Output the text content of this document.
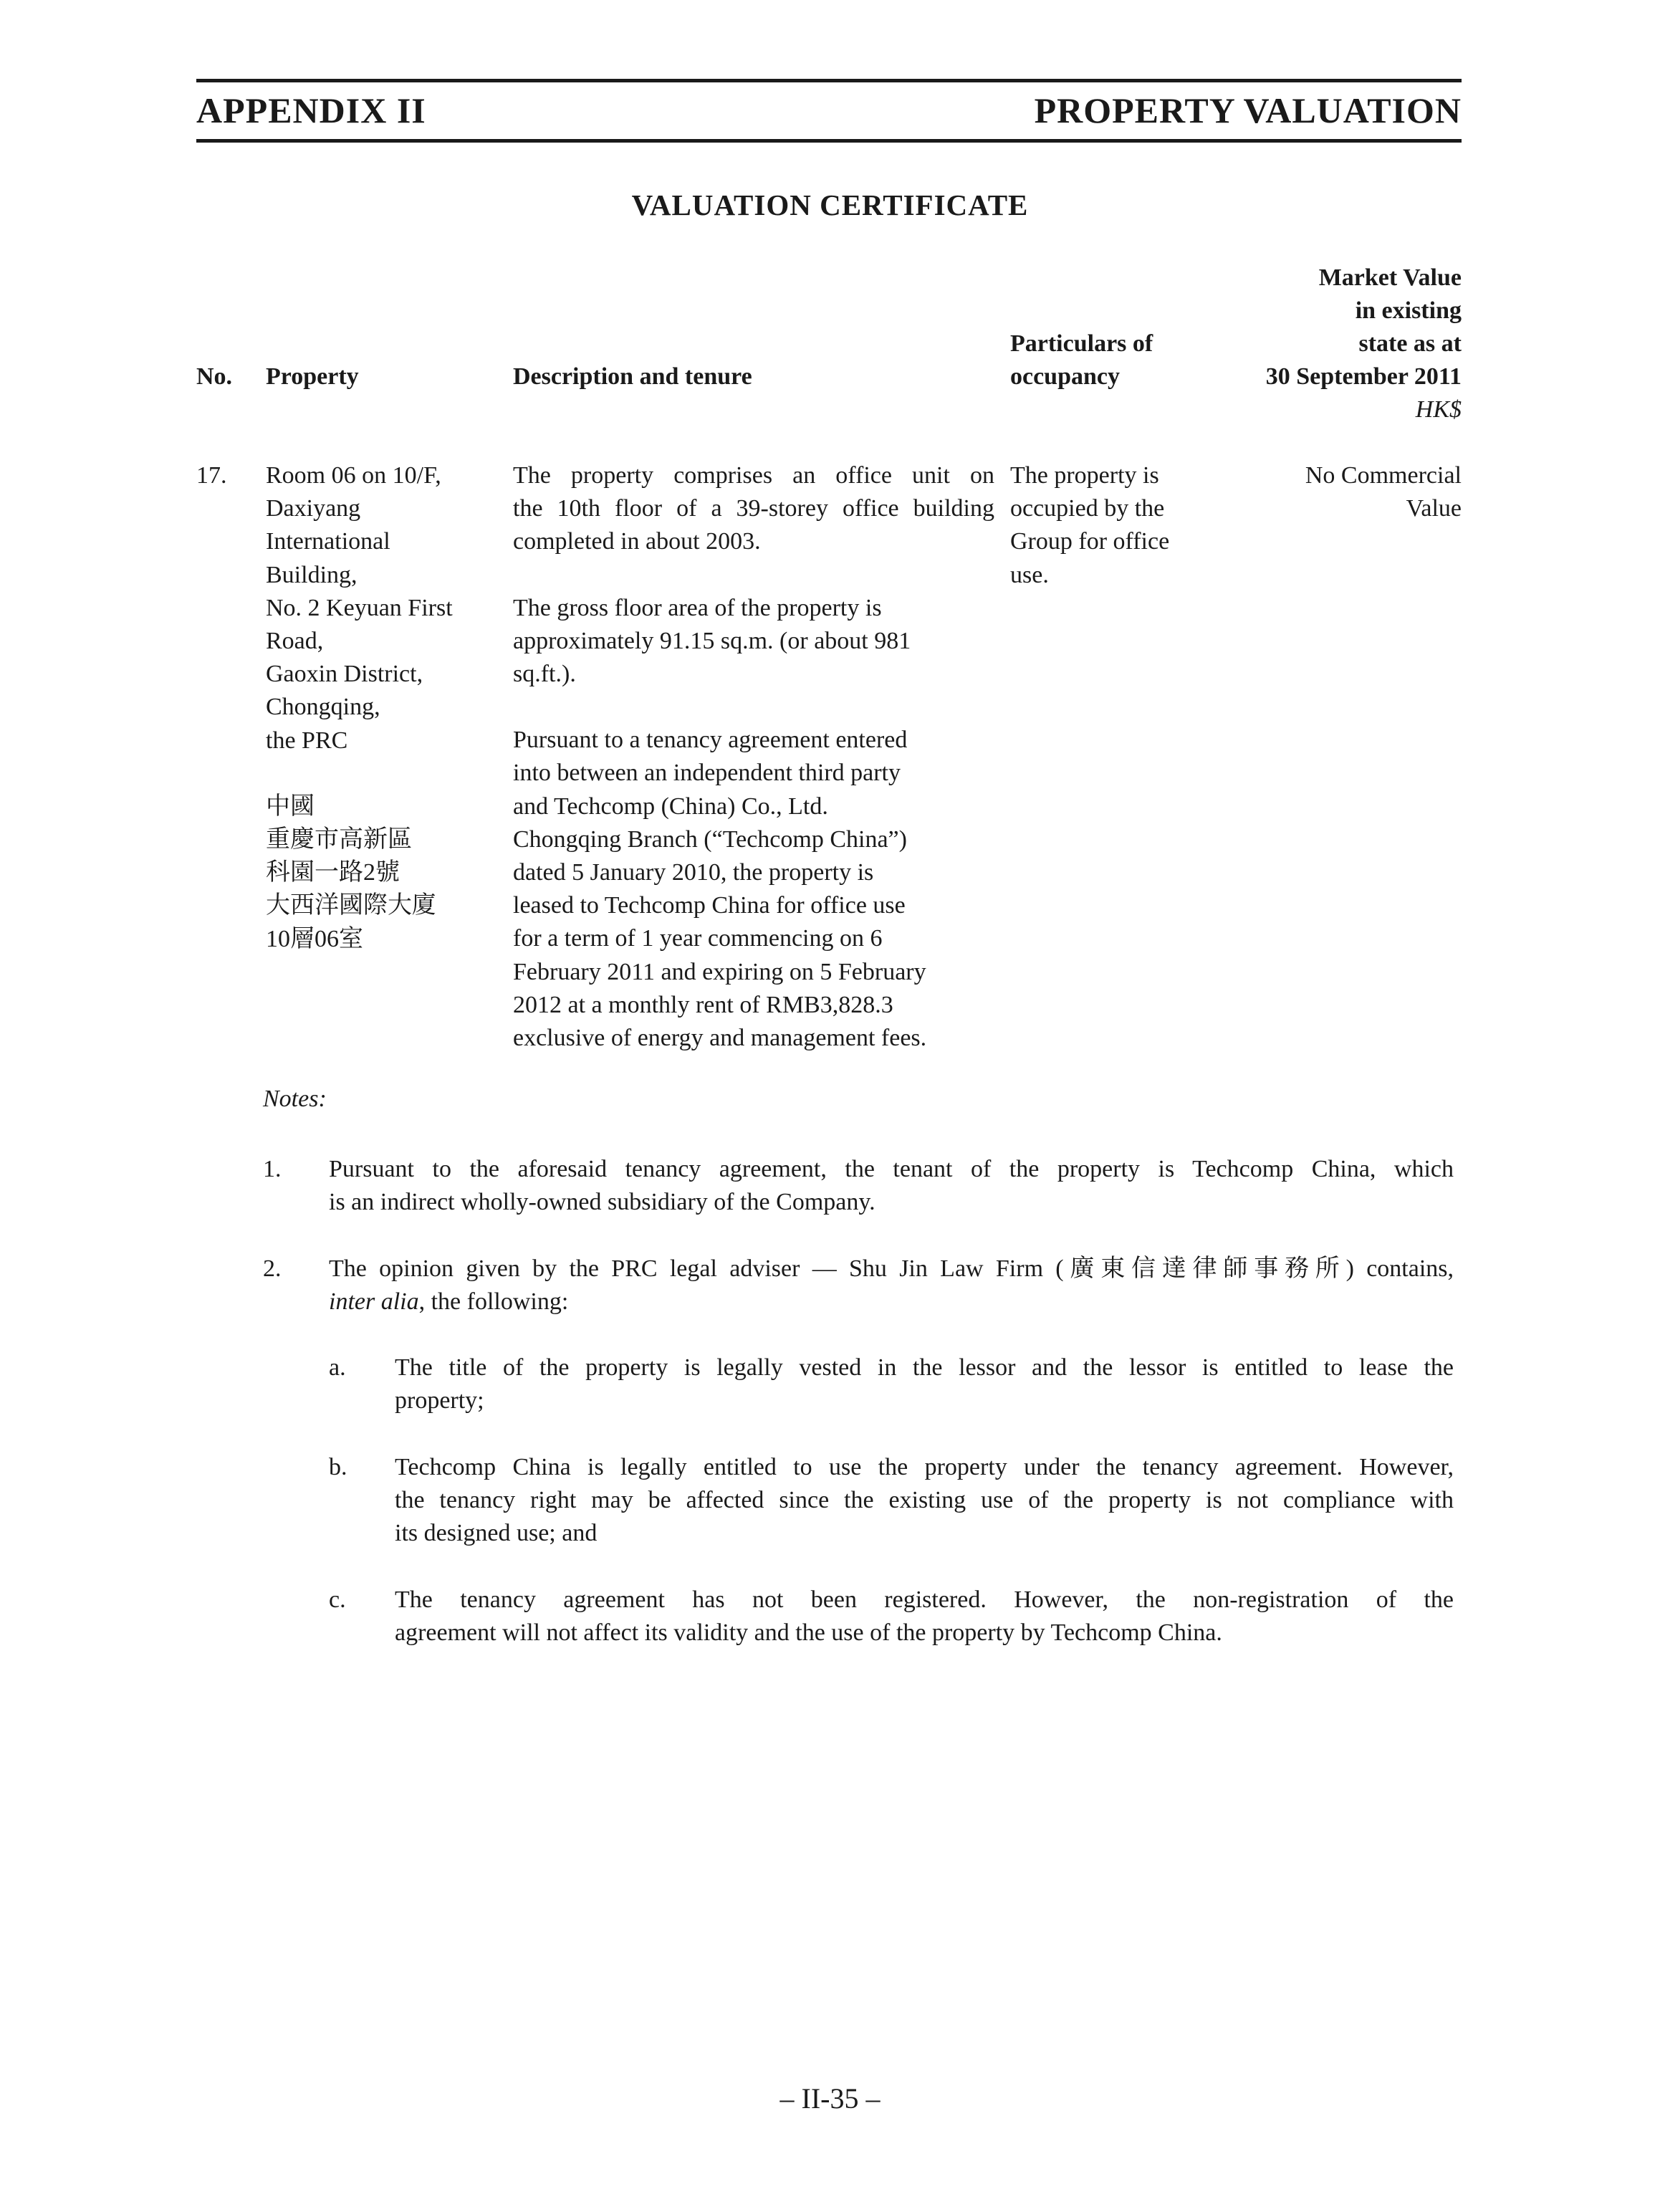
APPENDIX II	PROPERTY VALUATION
VALUATION CERTIFICATE
No. Property	Description and tenure
Particulars of
occupancy
Market Value
in existing
state as at
30 September 2011
HK$
17. Room 06 on 10/F,
Daxiyang
International
Building,
No. 2 Keyuan First
Road,
Gaoxin District,
Chongqing,
the PRC
中國
重慶市高新區
科園一路2號
大西洋國際大廈
10層06室

The property comprises an office unit on
the 10th floor of a 39-storey office building
completed in about 2003.

The gross floor area of the property is
approximately 91.15 sq.m. (or about 981
sq.ft.).

Pursuant to a tenancy agreement entered
into between an independent third party
and Techcomp (China) Co., Ltd.
Chongqing Branch (“Techcomp China”)
dated 5 January 2010, the property is
leased to Techcomp China for office use
for a term of 1 year commencing on 6
February 2011 and expiring on 5 February
2012 at a monthly rent of RMB3,828.3
exclusive of energy and management fees.

The property is
occupied by the
Group for office
use.
No Commercial
Value
Notes:
1. Pursuant to the aforesaid tenancy agreement, the tenant of the property is Techcomp China, which
is an indirect wholly-owned subsidiary of the Company.
2. The opinion given by the PRC legal adviser — Shu Jin Law Firm (廣東信達律師事務所) contains,
inter alia, the following:
a. The title of the property is legally vested in the lessor and the lessor is entitled to lease the
property;
b. Techcomp China is legally entitled to use the property under the tenancy agreement. However,
the tenancy right may be affected since the existing use of the property is not compliance with
its designed use; and
c. The tenancy agreement has not been registered. However, the non-registration of the
agreement will not affect its validity and the use of the property by Techcomp China.
– II-35 –
